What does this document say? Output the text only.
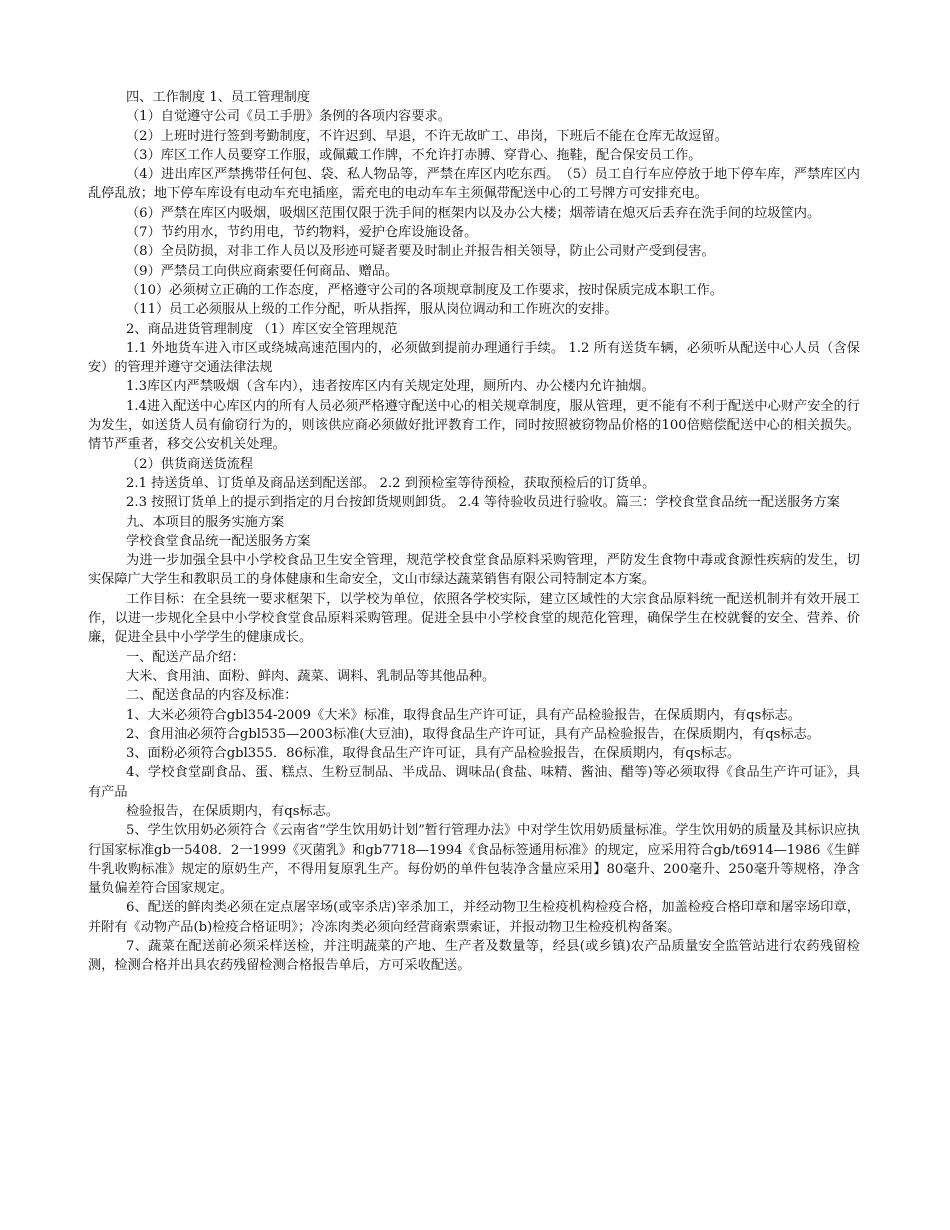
四、工作制度 1、员工管理制度

（1）自觉遵守公司《员工手册》条例的各项内容要求。

（2）上班时进行签到考勤制度，不许迟到、早退，不许无故旷工、串岗，下班后不能在仓库无故逗留。

（3）库区工作人员要穿工作服，或佩戴工作牌，不允许打赤膊、穿背心、拖鞋，配合保安员工作。

（4）进出库区严禁携带任何包、袋、私人物品等，严禁在库区内吃东西。　（5）员工自行车应停放于地下停车库，严禁库区内乱停乱放；地下停车库设有电动车充电插座，需充电的电动车车主须佩带配送中心的工号牌方可安排充电。

（6）严禁在库区内吸烟，吸烟区范围仅限于洗手间的框架内以及办公大楼；烟蒂请在熄灭后丢弃在洗手间的垃圾筐内。

（7）节约用水，节约用电，节约物料，爱护仓库设施设备。

（8）全员防损，对非工作人员以及形迹可疑者要及时制止并报告相关领导，防止公司财产受到侵害。

（9）严禁员工向供应商索要任何商品、赠品。

（10）必须树立正确的工作态度，严格遵守公司的各项规章制度及工作要求，按时保质完成本职工作。

（11）员工必须服从上级的工作分配，听从指挥，服从岗位调动和工作班次的安排。

2、商品进货管理制度 （1）库区安全管理规范

1.1 外地货车进入市区或绕城高速范围内的，必须做到提前办理通行手续。 1.2 所有送货车辆，必须听从配送中心人员（含保安）的管理并遵守交通法律法规

1.3库区内严禁吸烟（含车内），违者按库区内有关规定处理，厕所内、办公楼内允许抽烟。

1.4进入配送中心库区内的所有人员必须严格遵守配送中心的相关规章制度，服从管理，更不能有不利于配送中心财产安全的行为发生，如送货人员有偷窃行为的，则该供应商必须做好批评教育工作，同时按照被窃物品价格的100倍赔偿配送中心的相关损失。情节严重者，移交公安机关处理。

（2）供货商送货流程

2.1 持送货单、订货单及商品送到配送部。 2.2 到预检室等待预检，获取预检后的订货单。

2.3 按照订货单上的提示到指定的月台按卸货规则卸货。 2.4 等待验收员进行验收。篇三：学校食堂食品统一配送服务方案

九、本项目的服务实施方案

学校食堂食品统一配送服务方案

为进一步加强全县中小学校食品卫生安全管理，规范学校食堂食品原料采购管理，严防发生食物中毒或食源性疾病的发生，切实保障广大学生和教职员工的身体健康和生命安全，文山市绿达蔬菜销售有限公司特制定本方案。

工作目标：在全县统一要求框架下，以学校为单位，依照各学校实际，建立区域性的大宗食品原料统一配送机制并有效开展工作，以进一步规化全县中小学校食堂食品原料采购管理。促进全县中小学校食堂的规范化管理，确保学生在校就餐的安全、营养、价廉，促进全县中小学学生的健康成长。

一、配送产品介绍：

大米、食用油、面粉、鲜肉、蔬菜、调料、乳制品等其他品种。

二、配送食品的内容及标准：

1、大米必须符合gbl354-2009《大米》标准，取得食品生产许可证，具有产品检验报告，在保质期内，有qs标志。

2、食用油必须符合gbl535—2003标准(大豆油)，取得食品生产许可证，具有产品检验报告，在保质期内，有qs标志。

3、面粉必须符合gbl355．86标准，取得食品生产许可证，具有产品检验报告，在保质期内，有qs标志。

4、学校食堂副食品、蛋、糕点、生粉豆制品、半成品、调味品(食盐、味精、酱油、醋等)等必须取得《食品生产许可证》，具有产品

检验报告，在保质期内，有qs标志。

5、学生饮用奶必须符合《云南省“学生饮用奶计划”暂行管理办法》中对学生饮用奶质量标准。学生饮用奶的质量及其标识应执行国家标准gb一5408．2一1999《灭菌乳》和gb7718—1994《食品标签通用标准》的规定，应采用符合gb/t6914—1986《生鲜牛乳收购标准》规定的原奶生产，不得用复原乳生产。每份奶的单件包装净含量应采用】80毫升、200毫升、250毫升等规格，净含量负偏差符合国家规定。

6、配送的鲜肉类必须在定点屠宰场(或宰杀店)宰杀加工，并经动物卫生检疫机构检疫合格，加盖检疫合格印章和屠宰场印章，并附有《动物产品(b)检疫合格证明》；冷冻肉类必须向经营商索票索证，并报动物卫生检疫机构备案。

7、蔬菜在配送前必须采样送检，并注明蔬菜的产地、生产者及数量等，经县(或乡镇)农产品质量安全监管站进行农药残留检测，检测合格并出具农药残留检测合格报告单后，方可采收配送。
